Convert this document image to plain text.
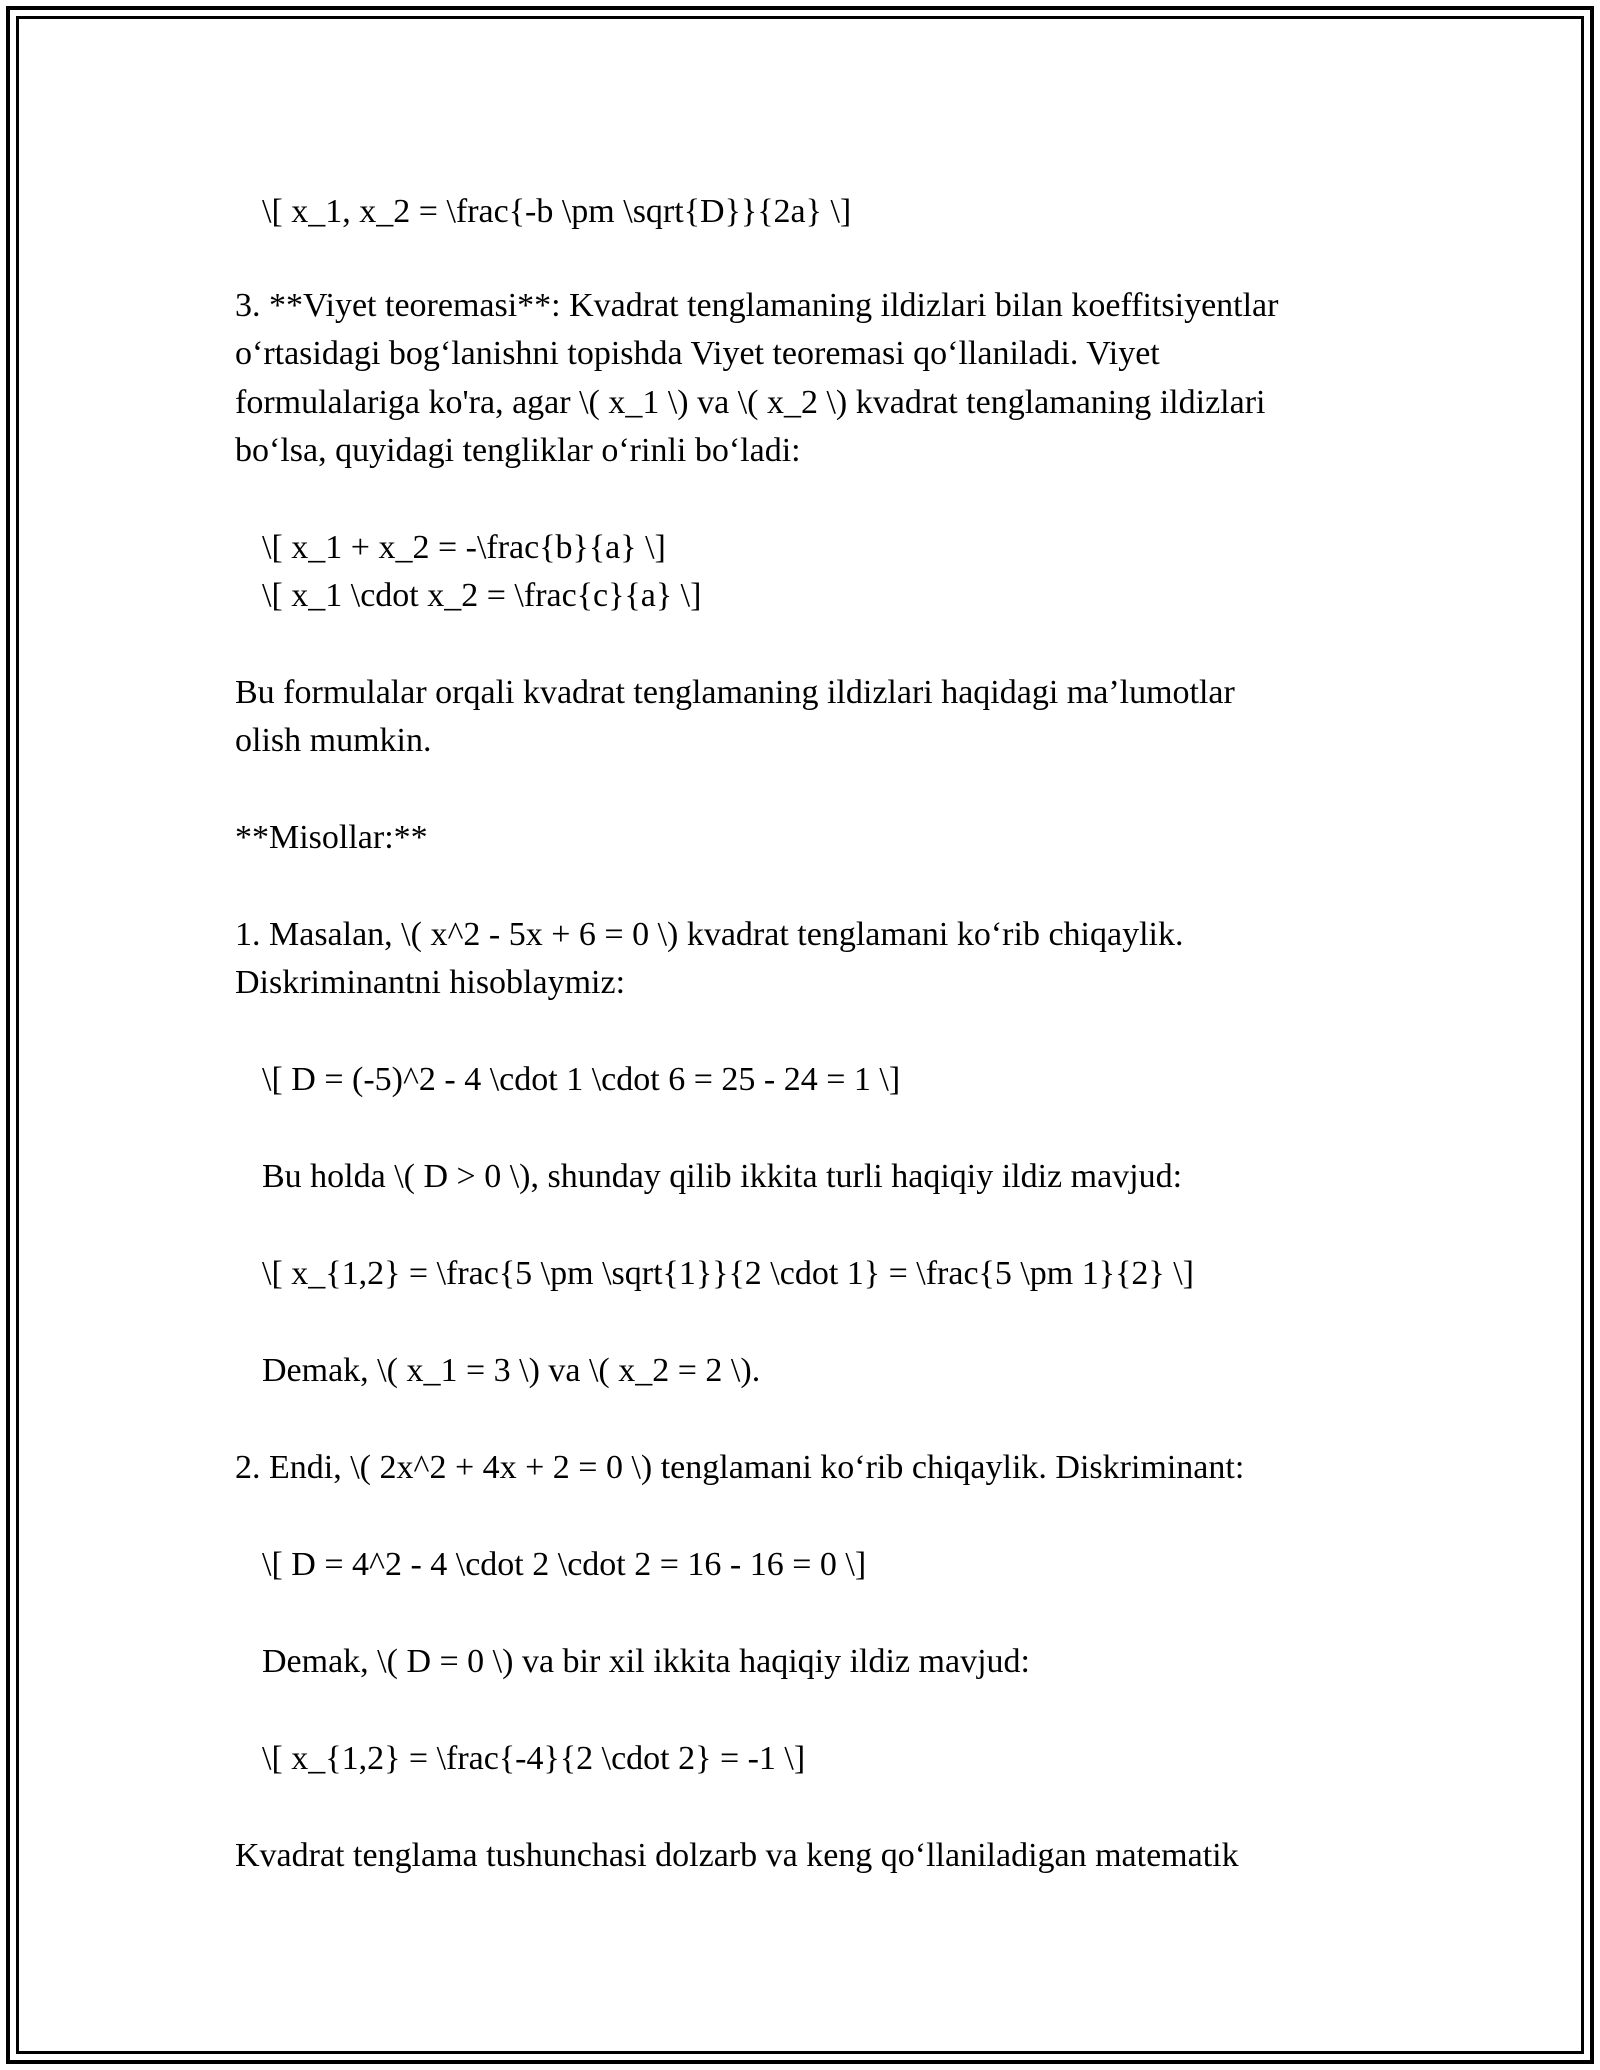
\[ x_1, x_2 = \frac{-b \pm \sqrt{D}}{2a} \]
3. **Viyet teoremasi**: Kvadrat tenglamaning ildizlari bilan koeffitsiyentlar
o‘rtasidagi bog‘lanishni topishda Viyet teoremasi qo‘llaniladi. Viyet
formulalariga ko'ra, agar \( x_1 \) va \( x_2 \) kvadrat tenglamaning ildizlari
bo‘lsa, quyidagi tengliklar o‘rinli bo‘ladi:
\[ x_1 + x_2 = -\frac{b}{a} \]
\[ x_1 \cdot x_2 = \frac{c}{a} \]
Bu formulalar orqali kvadrat tenglamaning ildizlari haqidagi ma’lumotlar
olish mumkin.
**Misollar:**
1. Masalan, \( x^2 - 5x + 6 = 0 \) kvadrat tenglamani ko‘rib chiqaylik.
Diskriminantni hisoblaymiz:
\[ D = (-5)^2 - 4 \cdot 1 \cdot 6 = 25 - 24 = 1 \]
Bu holda \( D > 0 \), shunday qilib ikkita turli haqiqiy ildiz mavjud:
\[ x_{1,2} = \frac{5 \pm \sqrt{1}}{2 \cdot 1} = \frac{5 \pm 1}{2} \]
Demak, \( x_1 = 3 \) va \( x_2 = 2 \).
2. Endi, \( 2x^2 + 4x + 2 = 0 \) tenglamani ko‘rib chiqaylik. Diskriminant:
\[ D = 4^2 - 4 \cdot 2 \cdot 2 = 16 - 16 = 0 \]
Demak, \( D = 0 \) va bir xil ikkita haqiqiy ildiz mavjud:
\[ x_{1,2} = \frac{-4}{2 \cdot 2} = -1 \]
Kvadrat tenglama tushunchasi dolzarb va keng qo‘llaniladigan matematik
